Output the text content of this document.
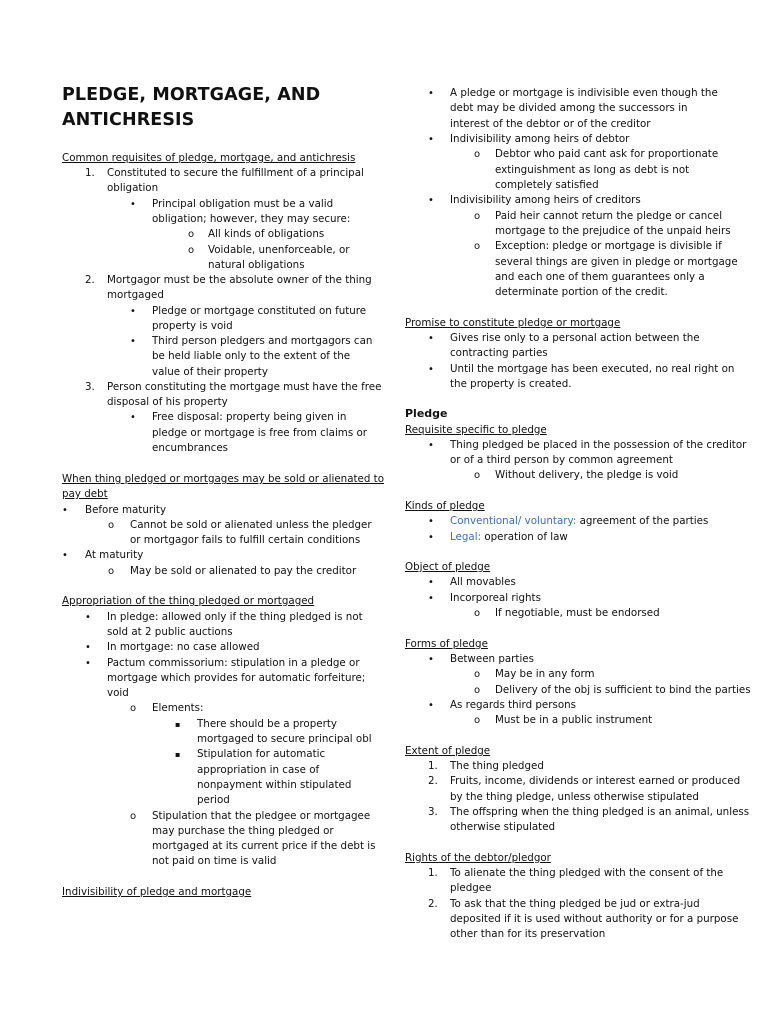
PLEDGE, MORTGAGE, AND
ANTICHRESIS
Common requisites of pledge, mortgage, and antichresis
1. Constituted to secure the fulfillment of a principal
obligation
• Principal obligation must be a valid
obligation; however, they may secure:
o All kinds of obligations
o Voidable, unenforceable, or
natural obligations
2. Mortgagor must be the absolute owner of the thing
mortgaged
• Pledge or mortgage constituted on future
property is void
• Third person pledgers and mortgagors can
be held liable only to the extent of the
value of their property
3. Person constituting the mortgage must have the free
disposal of his property
• Free disposal: property being given in
pledge or mortgage is free from claims or
encumbrances
When thing pledged or mortgages may be sold or alienated to
pay debt
• Before maturity
o Cannot be sold or alienated unless the pledger
or mortgagor fails to fulfill certain conditions
• At maturity
o May be sold or alienated to pay the creditor
Appropriation of the thing pledged or mortgaged
• In pledge: allowed only if the thing pledged is not
sold at 2 public auctions
• In mortgage: no case allowed
• Pactum commissorium: stipulation in a pledge or
mortgage which provides for automatic forfeiture;
void
o Elements:
▪ There should be a property
mortgaged to secure principal obl
▪ Stipulation for automatic
appropriation in case of
nonpayment within stipulated
period
o Stipulation that the pledgee or mortgagee
may purchase the thing pledged or
mortgaged at its current price if the debt is
not paid on time is valid
Indivisibility of pledge and mortgage
• A pledge or mortgage is indivisible even though the
debt may be divided among the successors in
interest of the debtor or of the creditor
• Indivisibility among heirs of debtor
o Debtor who paid cant ask for proportionate
extinguishment as long as debt is not
completely satisfied
• Indivisibility among heirs of creditors
o Paid heir cannot return the pledge or cancel
mortgage to the prejudice of the unpaid heirs
o Exception: pledge or mortgage is divisible if
several things are given in pledge or mortgage
and each one of them guarantees only a
determinate portion of the credit.
Promise to constitute pledge or mortgage
• Gives rise only to a personal action between the
contracting parties
• Until the mortgage has been executed, no real right on
the property is created.
Pledge
Requisite specific to pledge
• Thing pledged be placed in the possession of the creditor
or of a third person by common agreement
o Without delivery, the pledge is void
Kinds of pledge
• Conventional/ voluntary: agreement of the parties
• Legal: operation of law
Object of pledge
• All movables
• Incorporeal rights
o If negotiable, must be endorsed
Forms of pledge
• Between parties
o May be in any form
o Delivery of the obj is sufficient to bind the parties
• As regards third persons
o Must be in a public instrument
Extent of pledge
1. The thing pledged
2. Fruits, income, dividends or interest earned or produced
by the thing pledge, unless otherwise stipulated
3. The offspring when the thing pledged is an animal, unless
otherwise stipulated
Rights of the debtor/pledgor
1. To alienate the thing pledged with the consent of the
pledgee
2. To ask that the thing pledged be jud or extra-jud
deposited if it is used without authority or for a purpose
other than for its preservation
